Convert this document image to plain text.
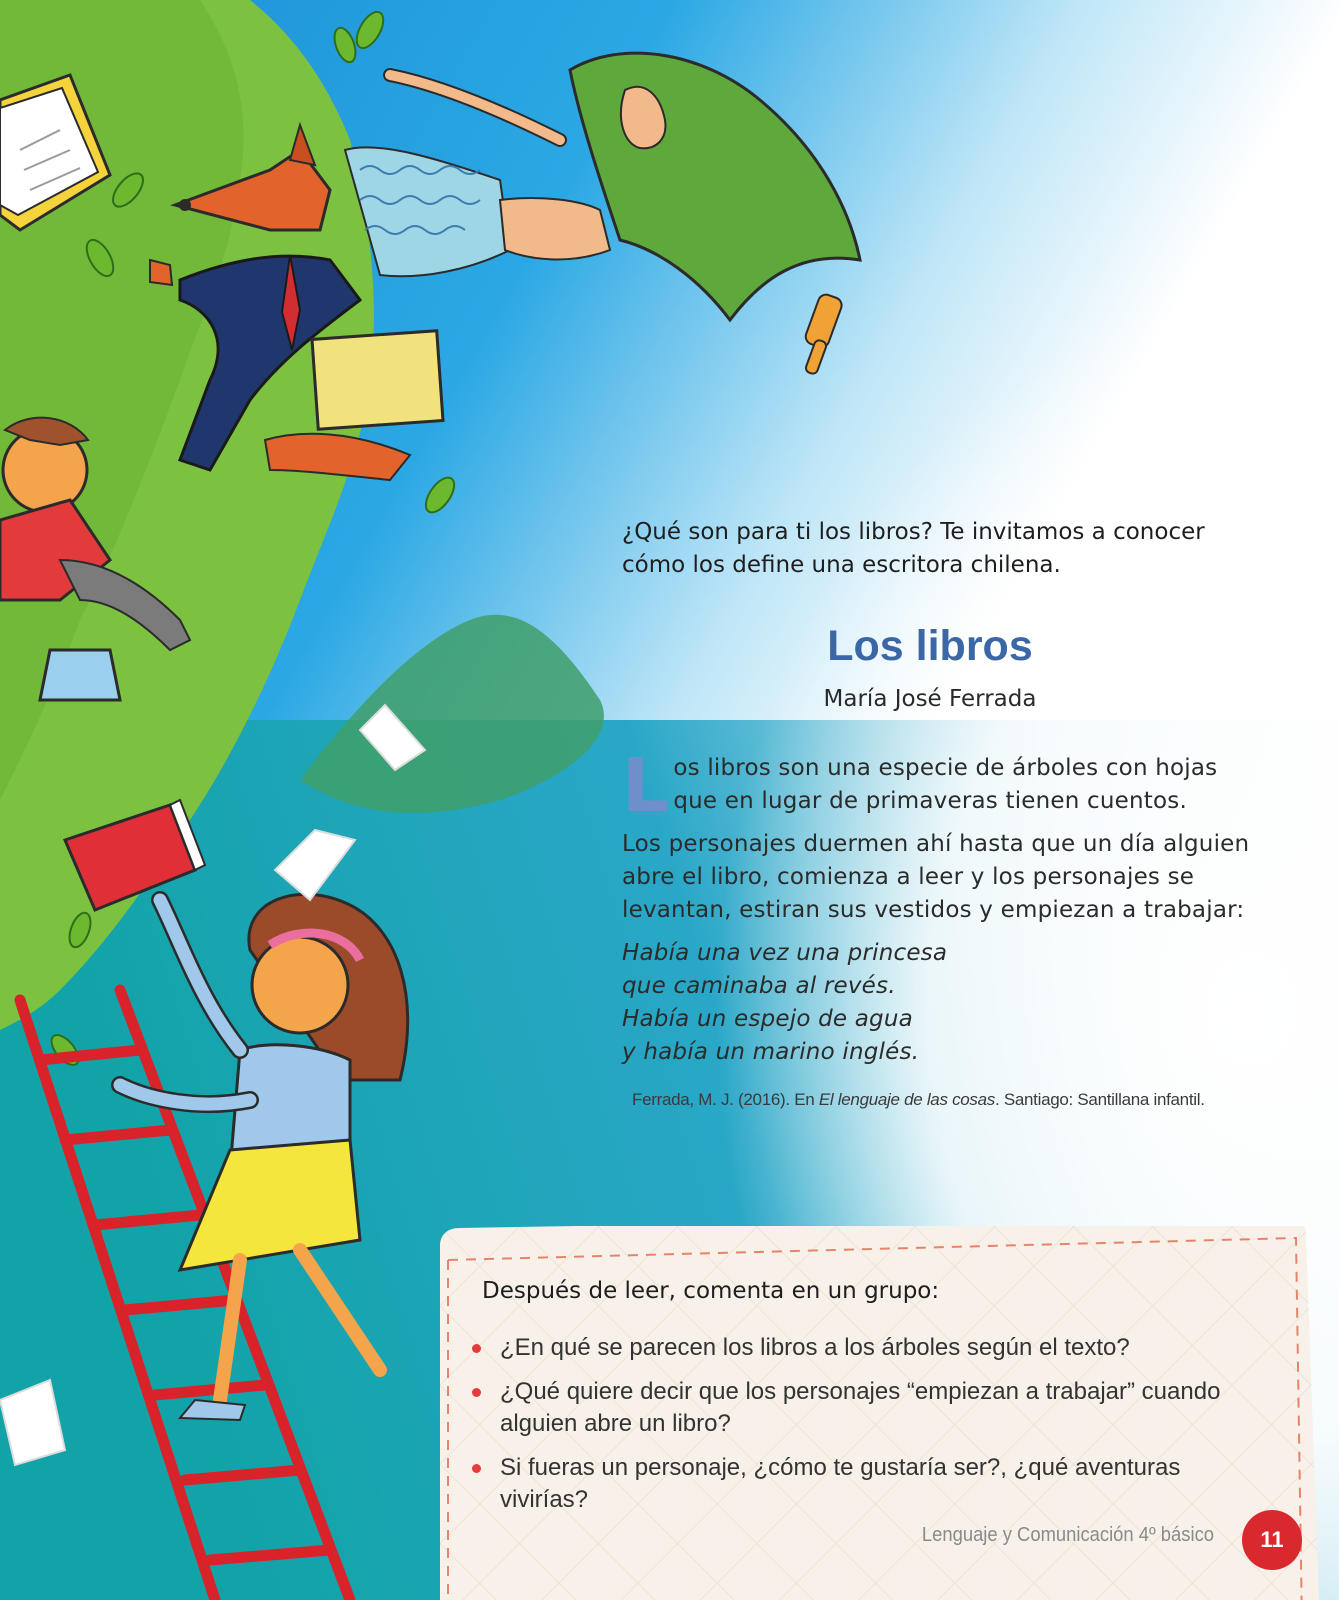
¿Qué son para ti los libros? Te invitamos a conocer
cómo los define una escritora chilena.

Los libros

María José Ferrada

L os libros son una especie de árboles con hojas
que en lugar de primaveras tienen cuentos.

Los personajes duermen ahí hasta que un día alguien
abre el libro, comienza a leer y los personajes se
levantan, estiran sus vestidos y empiezan a trabajar:

Había una vez una princesa
que caminaba al revés.
Había un espejo de agua
y había un marino inglés.

Ferrada, M. J. (2016). En El lenguaje de las cosas. Santiago: Santillana infantil.

Después de leer, comenta en un grupo:

¿En qué se parecen los libros a los árboles según el texto?
¿Qué quiere decir que los personajes “empiezan a trabajar” cuando
alguien abre un libro?
Si fueras un personaje, ¿cómo te gustaría ser?, ¿qué aventuras vivirías?

Lenguaje y Comunicación 4º básico	11
